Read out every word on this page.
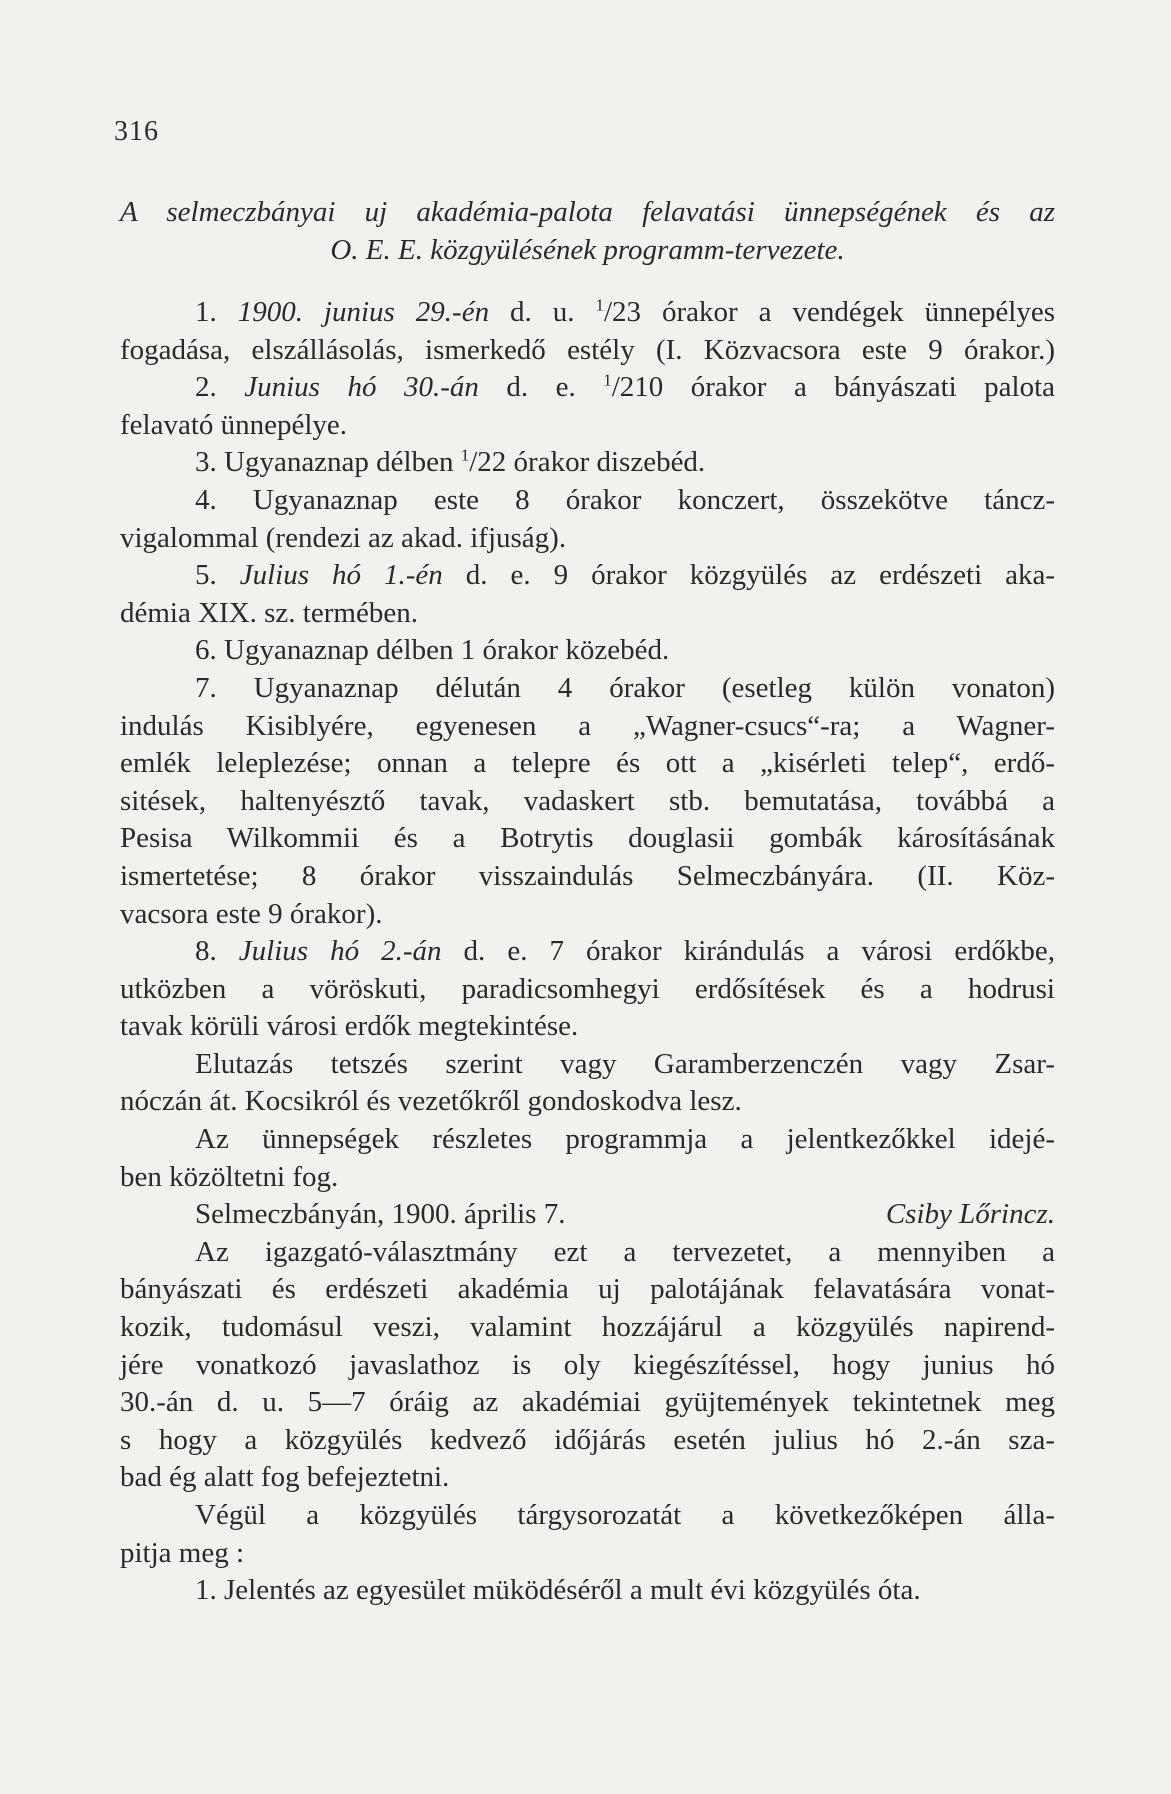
316
A selmeczbányai uj akadémia-palota felavatási ünnepségének és az
O. E. E. közgyülésének programm-tervezete.
1. 1900. junius 29.-én d. u. $^1$/23 órakor a vendégek ünnepélyes
fogadása, elszállásolás, ismerkedő estély (I. Közvacsora este 9 órakor.)
2. Junius hó 30.-án d. e. $^1$/210 órakor a bányászati palota
felavató ünnepélye.
3. Ugyanaznap délben $^1$/22 órakor diszebéd.
4. Ugyanaznap este 8 órakor konczert, összekötve táncz-
vigalommal (rendezi az akad. ifjuság).
5. Julius hó 1.-én d. e. 9 órakor közgyülés az erdészeti aka-
démia XIX. sz. termében.
6. Ugyanaznap délben 1 órakor közebéd.
7. Ugyanaznap délután 4 órakor (esetleg külön vonaton)
indulás Kisiblyére, egyenesen a „Wagner-csucs“-ra; a Wagner-
emlék leleplezése; onnan a telepre és ott a „kisérleti telep“, erdő-
sitések, haltenyésztő tavak, vadaskert stb. bemutatása, továbbá a
Pesisa Wilkommii és a Botrytis douglasii gombák károsításának
ismertetése; 8 órakor visszaindulás Selmeczbányára. (II. Köz-
vacsora este 9 órakor).
8. Julius hó 2.-án d. e. 7 órakor kirándulás a városi erdőkbe,
utközben a vöröskuti, paradicsomhegyi erdősítések és a hodrusi
tavak körüli városi erdők megtekintése.
Elutazás tetszés szerint vagy Garamberzenczén vagy Zsar-
nóczán át. Kocsikról és vezetőkről gondoskodva lesz.
Az ünnepségek részletes programmja a jelentkezőkkel idejé-
ben közöltetni fog.
Selmeczbányán, 1900. április 7.	Csiby Lőrincz.
Az igazgató-választmány ezt a tervezetet, a mennyiben a
bányászati és erdészeti akadémia uj palotájának felavatására vonat-
kozik, tudomásul veszi, valamint hozzájárul a közgyülés napirend-
jére vonatkozó javaslathoz is oly kiegészítéssel, hogy junius hó
30.-án d. u. 5—7 óráig az akadémiai gyüjtemények tekintetnek meg
s hogy a közgyülés kedvező időjárás esetén julius hó 2.-án sza-
bad ég alatt fog befejeztetni.
Végül a közgyülés tárgysorozatát a következőképen álla-
pitja meg :
1. Jelentés az egyesület müködéséről a mult évi közgyülés óta.
